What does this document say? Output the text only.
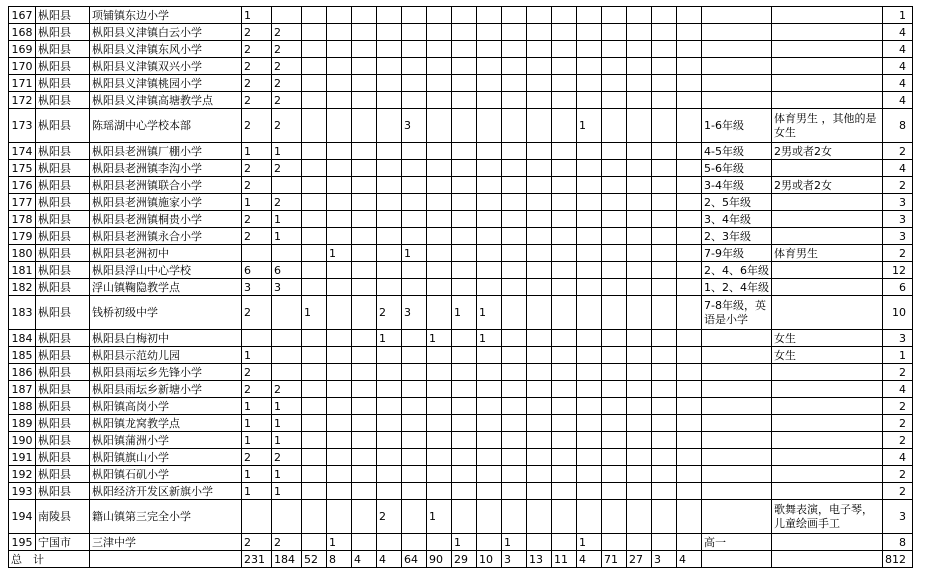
167	枞阳县	项铺镇东边小学	1																				1
168	枞阳县	枞阳县义津镇白云小学	2	2																			4
169	枞阳县	枞阳县义津镇东风小学	2	2																			4
170	枞阳县	枞阳县义津镇双兴小学	2	2																			4
171	枞阳县	枞阳县义津镇桃园小学	2	2																			4
172	枞阳县	枞阳县义津镇高塘教学点	2	2																			4
173	枞阳县	陈瑶湖中心学校本部	2	2					3							1					1-6年级	体育男生 ，其他的是女生	8
174	枞阳县	枞阳县老洲镇厂棚小学	1	1																	4-5年级	2男或者2女	2
175	枞阳县	枞阳县老洲镇李沟小学	2	2																	5-6年级		4
176	枞阳县	枞阳县老洲镇联合小学	2																		3-4年级	2男或者2女	2
177	枞阳县	枞阳县老洲镇施家小学	1	2																	2、5年级		3
178	枞阳县	枞阳县老洲镇桐贵小学	2	1																	3、4年级		3
179	枞阳县	枞阳县老洲镇永合小学	2	1																	2、3年级		3
180	枞阳县	枞阳县老洲初中				1			1												7-9年级	体育男生	2
181	枞阳县	枞阳县浮山中心学校	6	6																	2、4、6年级		12
182	枞阳县	浮山镇鞠隐教学点	3	3																	1、2、4年级		6
183	枞阳县	钱桥初级中学	2		1			2	3		1	1									7-8年级，英语是小学		10
184	枞阳县	枞阳县白梅初中						1		1		1										女生	3
185	枞阳县	枞阳县示范幼儿园	1																			女生	1
186	枞阳县	枞阳县雨坛乡先锋小学	2																				2
187	枞阳县	枞阳县雨坛乡新塘小学	2	2																			4
188	枞阳县	枞阳镇高岗小学	1	1																			2
189	枞阳县	枞阳镇龙窝教学点	1	1																			2
190	枞阳县	枞阳镇蒲洲小学	1	1																			2
191	枞阳县	枞阳镇旗山小学	2	2																			4
192	枞阳县	枞阳镇石矶小学	1	1																			2
193	枞阳县	枞阳经济开发区新旗小学	1	1																			2
194	南陵县	籍山镇第三完全小学						2		1												歌舞表演，电子琴，儿童绘画手工	3
195	宁国市	三津中学	2	2		1					1		1			1					高一		8
总　计			231	184	52	8	4	4	64	90	29	10	3	13	11	4	71	27	3	4			812
